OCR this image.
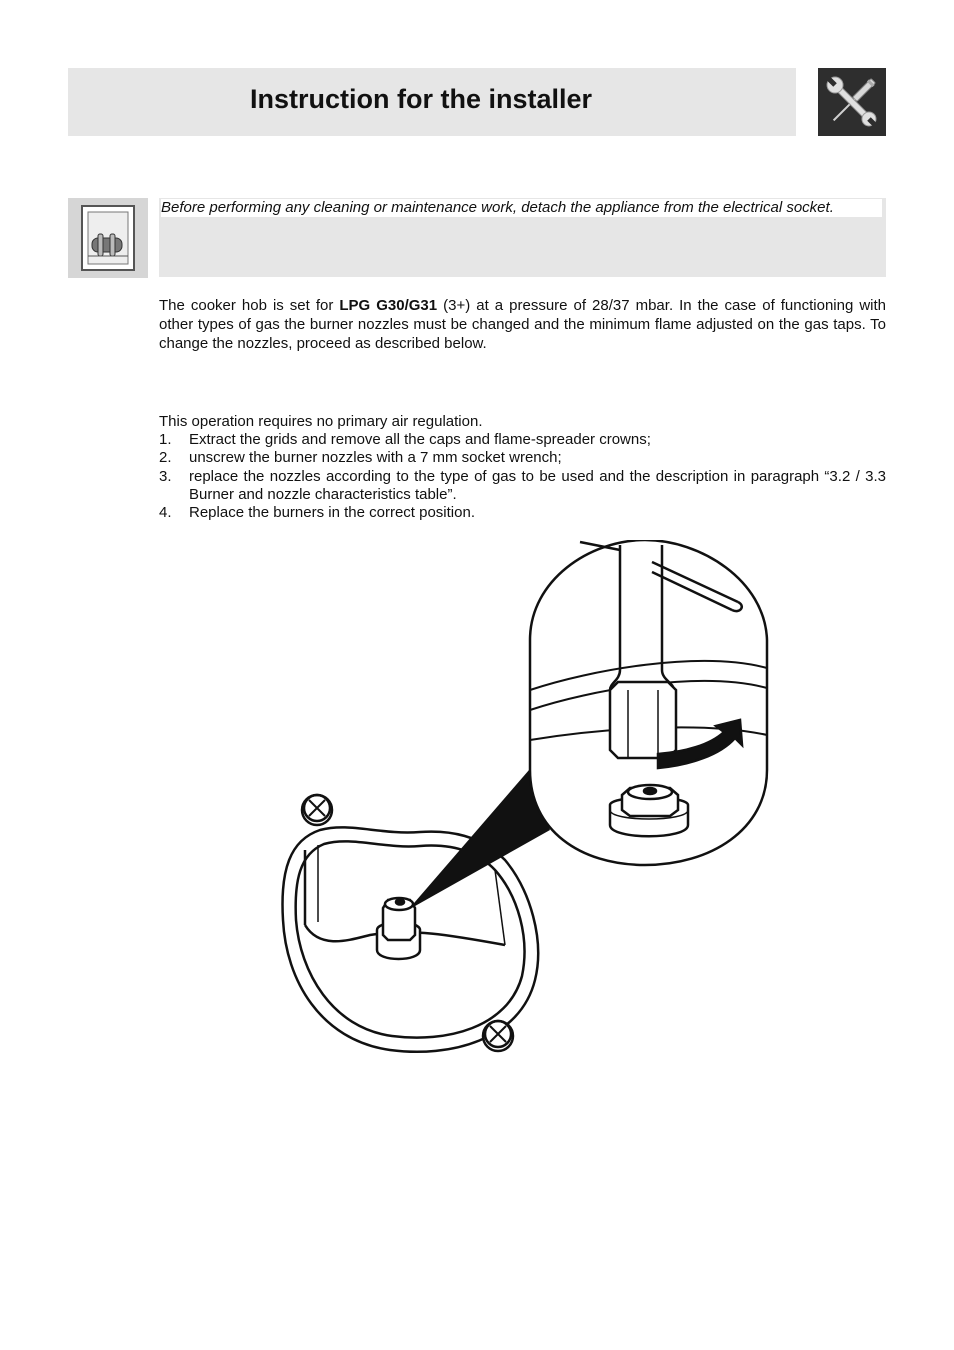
Instruction for the installer
Before performing any cleaning or maintenance work, detach the appliance from the electrical socket.

The cooker hob is set for LPG G30/G31 (3+) at a pressure of 28/37 mbar. In the case of functioning with other types of gas the burner nozzles must be changed and the minimum flame adjusted on the gas taps. To change the nozzles, proceed as described below.

This operation requires no primary air regulation.
1. Extract the grids and remove all the caps and flame-spreader crowns;
2. unscrew the burner nozzles with a 7 mm socket wrench;
3. replace the nozzles according to the type of gas to be used and the description in paragraph “3.2 / 3.3 Burner and nozzle characteristics table”.
4. Replace the burners in the correct position.
